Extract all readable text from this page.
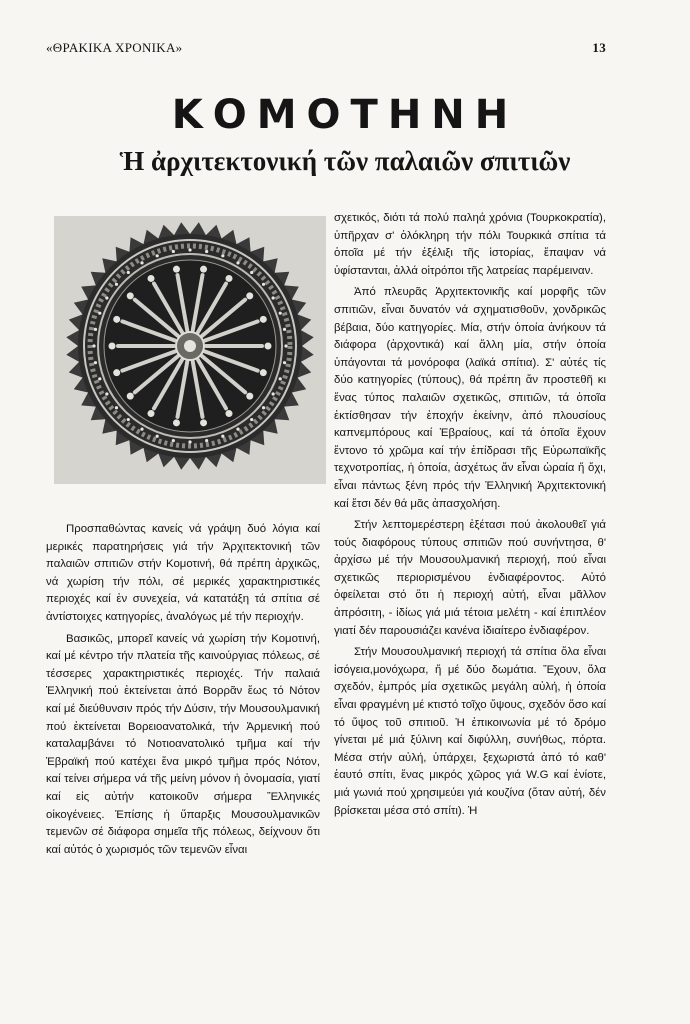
«ΘΡΑΚΙΚΑ ΧΡΟΝΙΚΑ»	13
ΚΟΜΟΤΗΝΗ
Ἡ ἀρχιτεκτονική τῶν παλαιῶν σπιτιῶν

Προσπαθώντας κανείς νά γράψη δυό λόγια καί μερικές παρατηρήσεις γιά τήν Ἀρχιτεκτονική τῶν παλαιῶν σπιτιῶν στήν Κομοτινή, θά πρέπη ἀρχικῶς, νά χωρίση τήν πόλι, σέ μερικές χαρακτηριστικές περιοχές καί ἐν συνεχεία, νά κατατάξη τά σπίτια σέ ἀντίστοιχες κατηγορίες, ἀναλόγως μέ τήν περιοχήν.

Βασικῶς, μπορεῖ κανείς νά χωρίση τήν Κομοτινή, καί μέ κέντρο τήν πλατεία τῆς καινούργιας πόλεως, σέ τέσσερες χαρακτηριστικές περιοχές. Τήν παλαιά Ἑλληνική πού ἐκτείνεται ἀπό Βορρᾶν ἕως τό Νότον καί μέ διεύθυνσιν πρός τήν Δύσιν, τήν Μουσουλμανική πού ἐκτείνεται Βορειοανατολικά, τήν Ἀρμενική πού καταλαμβάνει τό Νοτιοανατολικό τμῆμα καί τήν Ἑβραϊκή πού κατέχει ἕνα μικρό τμῆμα πρός Νότον, καί τείνει σήμερα νά τῆς μείνη μόνον ἡ ὀνομασία, γιατί καί εἰς αὐτήν κατοικοῦν σήμερα Ἕλληνικές οἰκογένειες. Ἐπίσης ἡ ὕπαρξις Μουσουλμανικῶν τεμενῶν σέ διάφορα σημεῖα τῆς πόλεως, δείχνουν ὅτι καί αὐτός ὁ χωρισμός τῶν τεμενῶν εἶναι

σχετικός, διότι τά πολύ παληά χρόνια (Τουρκοκρατία), ὑπῆρχαν σ' ὁλόκληρη τήν πόλι Τουρκικά σπίτια τά ὁποῖα μέ τήν ἐξέλιξι τῆς ἱστορίας, ἔπαψαν νά ὑφίστανται, ἀλλά οἱτρόποι τῆς λατρείας παρέμειναν.

Ἀπό πλευρᾶς Ἀρχιτεκτονικῆς καί μορφῆς τῶν σπιτιῶν, εἶναι δυνατόν νά σχηματισθοῦν, χονδρικῶς βέβαια, δύο κατηγορίες. Μία, στήν ὁποία ἀνήκουν τά διάφορα (ἀρχοντικά) καί ἄλλη μία, στήν ὁποία ὑπάγονται τά μονόροφα (λαϊκά σπίτια). Σ' αὐτές τίς δύο κατηγορίες (τύπους), θά πρέπη ἄν προστεθῆ κι ἕνας τύπος παλαιῶν σχετικῶς, σπιτιῶν, τά ὁποῖα ἐκτίσθησαν τήν ἐποχήν ἐκείνην, ἀπό πλουσίους καπνεμπόρους καί Ἑβραίους, καί τά ὁποῖα ἔχουν ἔντονο τό χρῶμα καί τήν ἐπίδρασι τῆς Εὐρωπαϊκῆς τεχνοτροπίας, ἡ ὁποία, ἀσχέτως ἄν εἶναι ὡραία ἤ ὄχι, εἶναι πάντως ξένη πρός τήν Ἑλληνική Ἀρχιτεκτονική καί ἔτσι δέν θά μᾶς ἀπασχολήση.

Στήν λεπτομερέστερη ἐξέτασι πού ἀκολουθεῖ γιά τούς διαφόρους τύπους σπιτιῶν πού συνήντησα, θ' ἀρχίσω μέ τήν Μουσουλμανική περιοχή, πού εἶναι σχετικῶς περιορισμένου ἐνδιαφέροντος. Αὐτό ὀφείλεται στό ὅτι ἡ περιοχή αὐτή, εἶναι μᾶλλον ἀπρόσιτη, - ἰδίως γιά μιά τέτοια μελέτη - καί ἐπιπλέον γιατί δέν παρουσιάζει κανένα ἰδιαίτερο ἐνδιαφέρον.

Στήν Μουσουλμανική περιοχή τά σπίτια ὅλα εἶναι ἰσόγεια,μονόχωρα, ἤ μέ δύο δωμάτια. Ἔχουν, ὅλα σχεδόν, ἐμπρός μία σχετικῶς μεγάλη αὐλή, ἡ ὁποία εἶναι φραγμένη μέ κτιστό τοῖχο ὕψους, σχεδόν ὅσο καί τό ὕψος τοῦ σπιτιοῦ. Ἡ ἐπικοινωνία μέ τό δρόμο γίνεται μέ μιά ξύλινη καί διφύλλη, συνήθως, πόρτα. Μέσα στήν αὐλή, ὑπάρχει, ξεχωριστά ἀπό τό καθ' ἑαυτό σπίτι, ἕνας μικρός χῶρος γιά W.G καί ἐνίοτε, μιά γωνιά πού χρησιμεύει γιά κουζίνα (ὅταν αὐτή, δέν βρίσκεται μέσα στό σπίτι). Ἡ
